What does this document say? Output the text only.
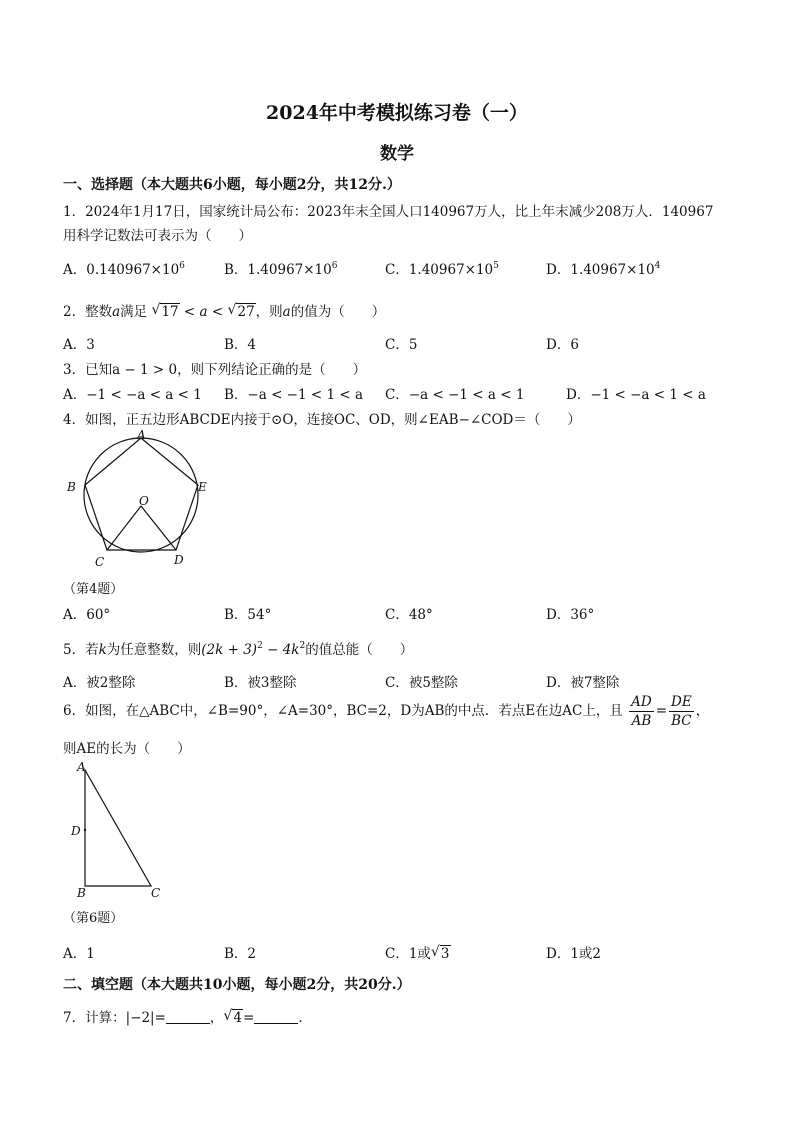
2024年中考模拟练习卷（一）
数学
一、选择题（本大题共6小题，每小题2分，共12分.）
1．2024年1月17日，国家统计局公布：2023年末全国人口140967万人，比上年末减少208万人．140967
用科学记数法可表示为（　　）
A．$0.140967\times 10^6$	B．$1.40967\times 10^6$	C．$1.40967\times 10^5$	D．$1.40967\times 10^4$
2．整数a满足 √ 17 < a < √ 27，则a的值为（　　）
A．3	B．4	C．5	D．6
3．已知a − 1 > 0，则下列结论正确的是（　　）
A．−1 < −a < a < 1 B．−a < −1 < 1 < a C．−a < −1 < a < 1	D．−1 < −a < 1 < a
4．如图，正五边形ABCDE内接于⊙O，连接OC、OD，则∠EAB−∠COD＝（　　）
A
B
C	D
E
O
（第4题）
A．60°	B．54°	C．48°	D．36°
5．若k为任意整数，则$(2k + 3)^2 - 4k^2$的值总能（　　）
A．被2整除	B．被3整除	C．被5整除	D．被7整除
6．如图，在△ABC中，∠B=90°，∠A=30°，BC=2，D为AB的中点．若点E在边AC上，且 $\frac{AD}{AB} = \frac{DE}{BC}$ ，
则AE的长为（　　）
A
B	C
D
（第6题）
A．1	B．2	C．1或 √ 3	D．1或2
二、填空题（本大题共10小题，每小题2分，共20分.）
7．计算：|−2|=	， √ 4=	.
